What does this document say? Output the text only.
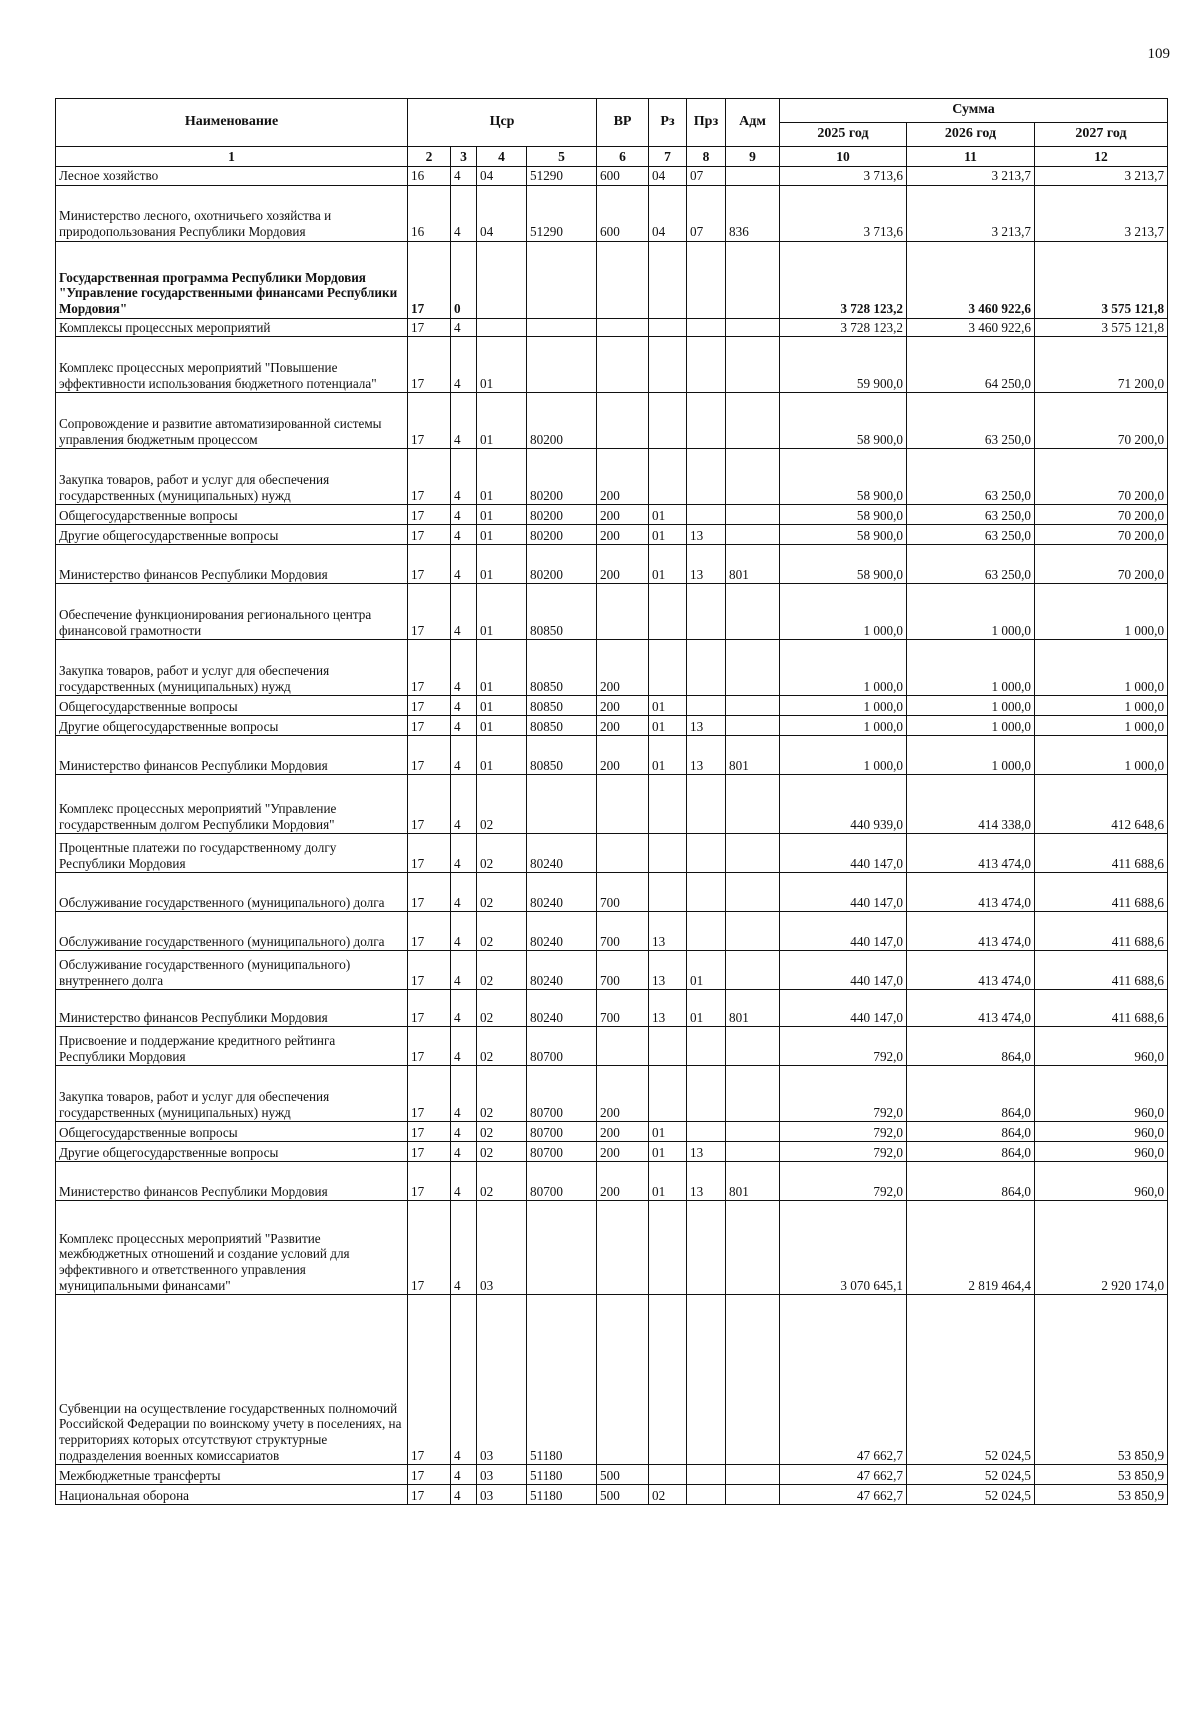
109
Наименование	Цср				ВР	Рз	Прз	Адм	Сумма		
									2025 год	2026 год	2027 год
1	2	3	4	5	6	7	8	9	10	11	12
Лесное хозяйство	16	4	04	51290	600	04	07		3 713,6	3 213,7	3 213,7
Министерство лесного, охотничьего хозяйства и природопользования Республики Мордовия	16	4	04	51290	600	04	07	836	3 713,6	3 213,7	3 213,7
Государственная программа Республики Мордовия "Управление государственными финансами Республики Мордовия"	17	0							3 728 123,2	3 460 922,6	3 575 121,8
Комплексы процессных мероприятий	17	4							3 728 123,2	3 460 922,6	3 575 121,8
Комплекс процессных мероприятий "Повышение эффективности использования бюджетного потенциала"	17	4	01						59 900,0	64 250,0	71 200,0
Сопровождение и развитие автоматизированной системы управления бюджетным процессом	17	4	01	80200					58 900,0	63 250,0	70 200,0
Закупка товаров, работ и услуг для обеспечения государственных (муниципальных) нужд	17	4	01	80200	200				58 900,0	63 250,0	70 200,0
Общегосударственные вопросы	17	4	01	80200	200	01			58 900,0	63 250,0	70 200,0
Другие общегосударственные вопросы	17	4	01	80200	200	01	13		58 900,0	63 250,0	70 200,0
Министерство финансов Республики Мордовия	17	4	01	80200	200	01	13	801	58 900,0	63 250,0	70 200,0
Обеспечение функционирования регионального центра финансовой грамотности	17	4	01	80850					1 000,0	1 000,0	1 000,0
Закупка товаров, работ и услуг для обеспечения государственных (муниципальных) нужд	17	4	01	80850	200				1 000,0	1 000,0	1 000,0
Общегосударственные вопросы	17	4	01	80850	200	01			1 000,0	1 000,0	1 000,0
Другие общегосударственные вопросы	17	4	01	80850	200	01	13		1 000,0	1 000,0	1 000,0
Министерство финансов Республики Мордовия	17	4	01	80850	200	01	13	801	1 000,0	1 000,0	1 000,0
Комплекс процессных мероприятий "Управление государственным долгом Республики Мордовия"	17	4	02						440 939,0	414 338,0	412 648,6
Процентные платежи по государственному долгу Республики Мордовия	17	4	02	80240					440 147,0	413 474,0	411 688,6
Обслуживание государственного (муниципального) долга	17	4	02	80240	700				440 147,0	413 474,0	411 688,6
Обслуживание государственного (муниципального) долга	17	4	02	80240	700	13			440 147,0	413 474,0	411 688,6
Обслуживание государственного (муниципального) внутреннего долга	17	4	02	80240	700	13	01		440 147,0	413 474,0	411 688,6
Министерство финансов Республики Мордовия	17	4	02	80240	700	13	01	801	440 147,0	413 474,0	411 688,6
Присвоение и поддержание кредитного рейтинга Республики Мордовия	17	4	02	80700					792,0	864,0	960,0
Закупка товаров, работ и услуг для обеспечения государственных (муниципальных) нужд	17	4	02	80700	200				792,0	864,0	960,0
Общегосударственные вопросы	17	4	02	80700	200	01			792,0	864,0	960,0
Другие общегосударственные вопросы	17	4	02	80700	200	01	13		792,0	864,0	960,0
Министерство финансов Республики Мордовия	17	4	02	80700	200	01	13	801	792,0	864,0	960,0
Комплекс процессных мероприятий "Развитие межбюджетных отношений и создание условий для эффективного и ответственного управления муниципальными финансами"	17	4	03						3 070 645,1	2 819 464,4	2 920 174,0
Субвенции на осуществление государственных полномочий Российской Федерации по воинскому учету в поселениях, на территориях которых отсутствуют структурные подразделения военных комиссариатов	17	4	03	51180					47 662,7	52 024,5	53 850,9
Межбюджетные трансферты	17	4	03	51180	500				47 662,7	52 024,5	53 850,9
Национальная оборона	17	4	03	51180	500	02			47 662,7	52 024,5	53 850,9
